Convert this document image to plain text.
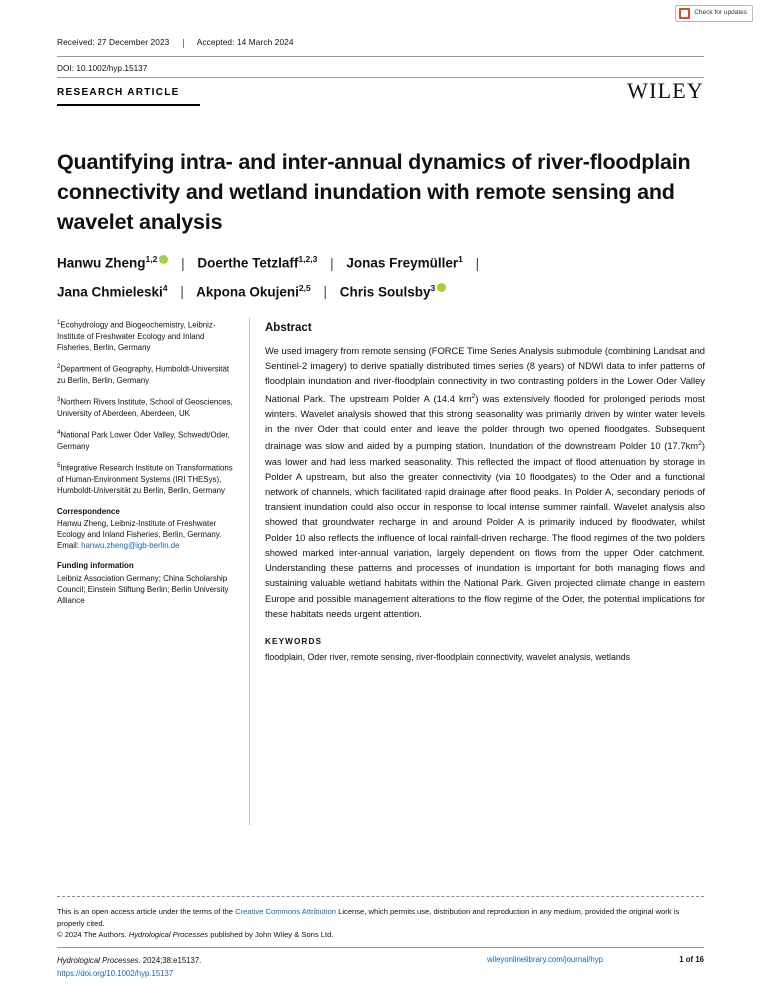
Check for updates
Received: 27 December 2023	Accepted: 14 March 2024
DOI: 10.1002/hyp.15137
RESEARCH ARTICLE	WILEY
Quantifying intra- and inter-annual dynamics of river-floodplain connectivity and wetland inundation with remote sensing and wavelet analysis
Hanwu Zheng$^{1,2}$ iD | Doerthe Tetzlaff$^{1,2,3}$ | Jonas Freymüller$^1$ |
Jana Chmieleski$^4$ | Akpona Okujeni$^{2,5}$ | Chris Soulsby$^3$iD

$^1$Ecohydrology and Biogeochemistry, Leibniz-Institute of Freshwater Ecology and Inland Fisheries, Berlin, Germany

$^2$Department of Geography, Humboldt-Universität zu Berlin, Berlin, Germany

$^3$Northern Rivers Institute, School of Geosciences, University of Aberdeen, Aberdeen, UK

$^4$National Park Lower Oder Valley, Schwedt/Oder, Germany

$^5$Integrative Research Institute on Transformations of Human-Environment Systems (IRI THESys), Humboldt-Universität zu Berlin, Berlin, Germany

Correspondence

Hanwu Zheng, Leibniz-Institute of Freshwater Ecology and Inland Fisheries, Berlin, Germany.
Email: hanwu.zheng@igb-berlin.de

Funding information

Leibniz Association Germany; China Scholarship Council; Einstein Stiftung Berlin; Berlin University Alliance

Abstract
We used imagery from remote sensing (FORCE Time Series Analysis submodule (combining Landsat and Sentinel-2 imagery) to derive spatially distributed times series (8 years) of NDWI data to infer patterns of floodplain inundation and river-floodplain connectivity in two contrasting polders in the Lower Oder Valley National Park. The upstream Polder A (14.4 $km^2$) was extensively flooded for prolonged periods most winters. Wavelet analysis showed that this strong seasonality was primarily driven by winter water levels in the river Oder that could enter and leave the polder through two opened floodgates. Subsequent drainage was slow and aided by a pumping station. Inundation of the downstream Polder 10 $(17.7km^2)$ was lower and had less marked seasonality. This reflected the impact of flood attenuation by storage in Polder A upstream, but also the greater connectivity (via 10 floodgates) to the Oder and a functional network of channels, which facilitated rapid drainage after flood peaks. In Polder A, secondary periods of transient inundation could also occur in response to local intense summer rainfall. Wavelet analysis also showed that groundwater recharge in and around Polder A is primarily induced by floodwater, whilst Polder 10 also reflects the influence of local rainfall-driven recharge. The flood regimes of the two polders showed marked inter-annual variation, largely dependent on flows from the upper Oder catchment. Understanding these patterns and processes of inundation is important for both managing flows and sustaining valuable wetland habitats within the National Park. Given projected climate change in eastern Europe and possible management alterations to the flow regime of the Oder, the potential implications for these habitats needs urgent attention.
KEYWORDS
floodplain, Oder river, remote sensing, river-floodplain connectivity, wavelet analysis, wetlands
This is an open access article under the terms of the Creative Commons Attribution License, which permits use, distribution and reproduction in any medium, provided the original work is properly cited.
© 2024 The Authors. Hydrological Processes published by John Wiley & Sons Ltd.
Hydrological Processes. 2024;38:e15137.
https://doi.org/10.1002/hyp.15137
wileyonlinelibrary.com/journal/hyp	1 of 16
